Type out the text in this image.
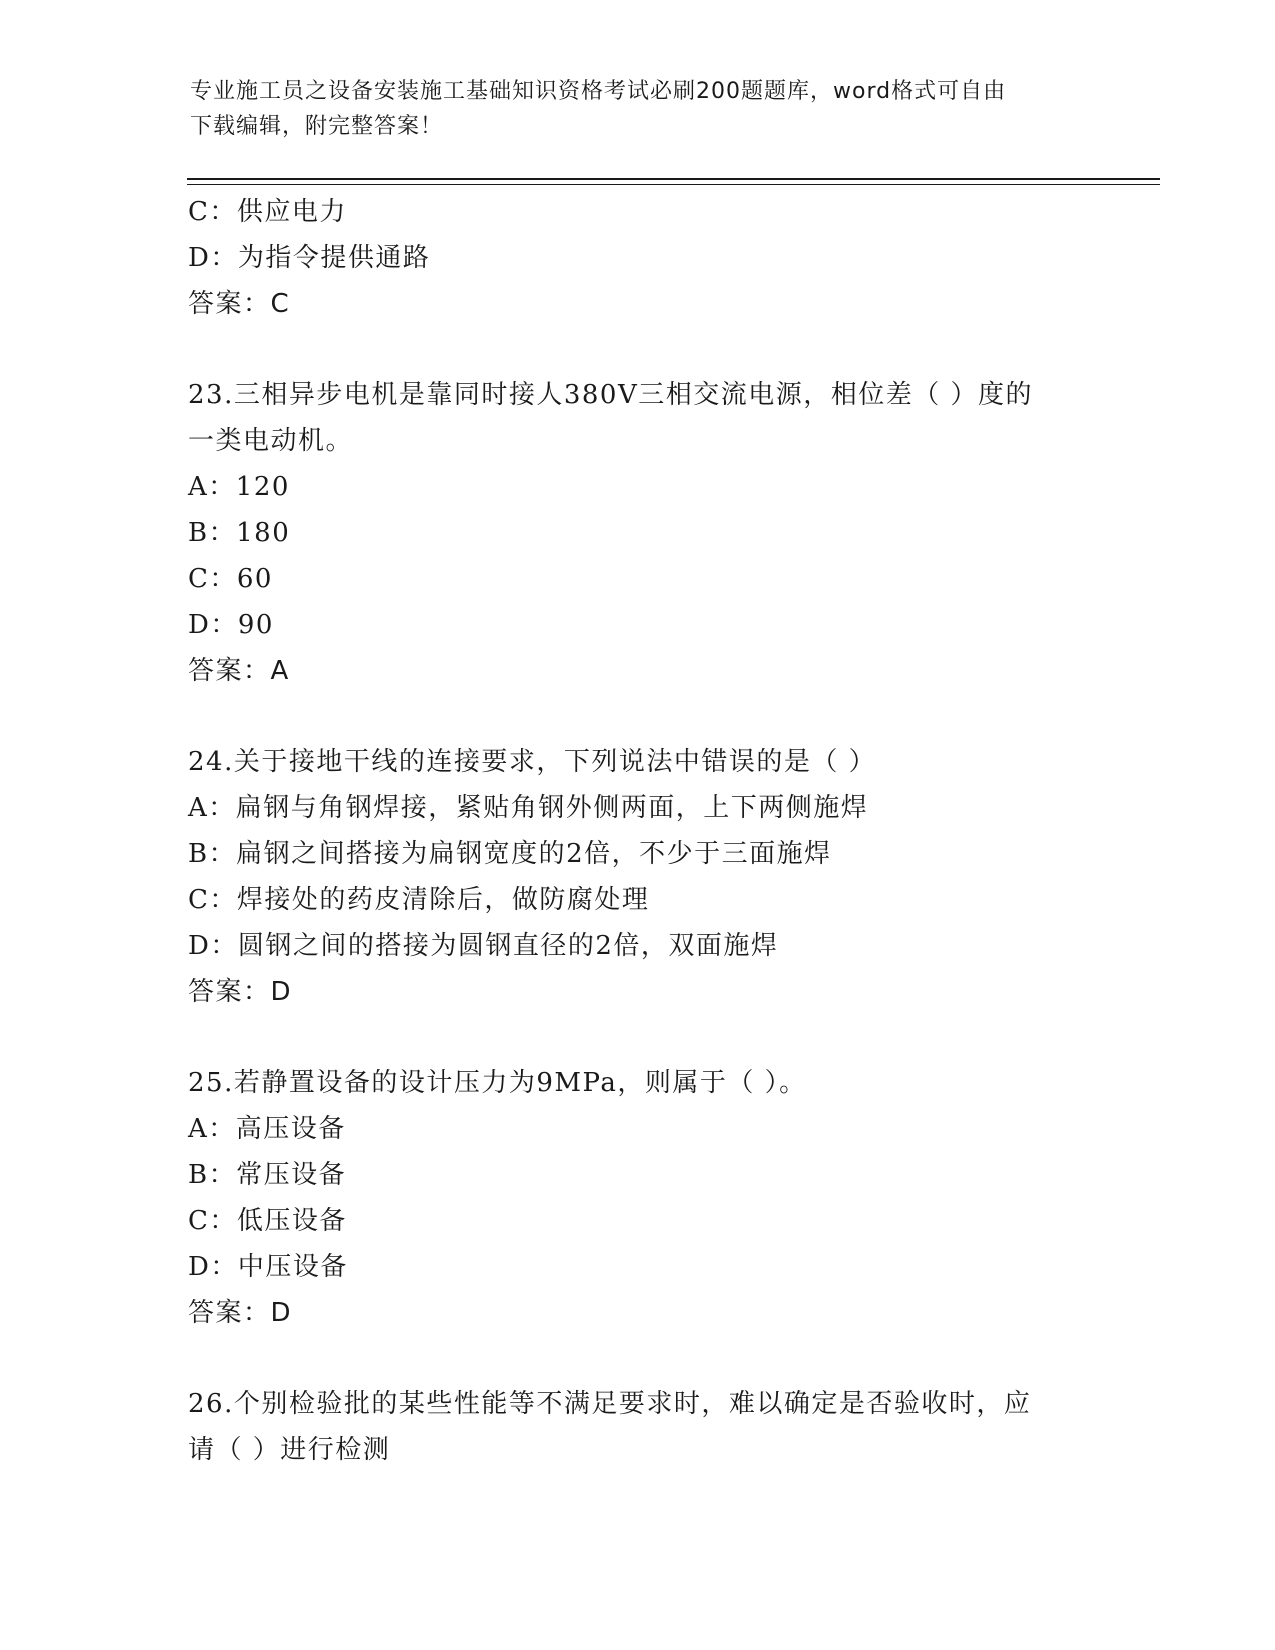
专业施工员之设备安装施工基础知识资格考试必刷200题题库，word格式可自由
下载编辑，附完整答案！
C：供应电力
D：为指令提供通路
答案：C
23.三相异步电机是靠同时接人380V三相交流电源，相位差（ ）度的
一类电动机。
A：120
B：180
C：60
D：90
答案：A
24.关于接地干线的连接要求，下列说法中错误的是（ ）
A：扁钢与角钢焊接，紧贴角钢外侧两面，上下两侧施焊
B：扁钢之间搭接为扁钢宽度的2倍，不少于三面施焊
C：焊接处的药皮清除后，做防腐处理
D：圆钢之间的搭接为圆钢直径的2倍，双面施焊
答案：D
25.若静置设备的设计压力为9MPa，则属于（ ）。
A：高压设备
B：常压设备
C：低压设备
D：中压设备
答案：D
26.个别检验批的某些性能等不满足要求时，难以确定是否验收时，应
请（ ）进行检测
